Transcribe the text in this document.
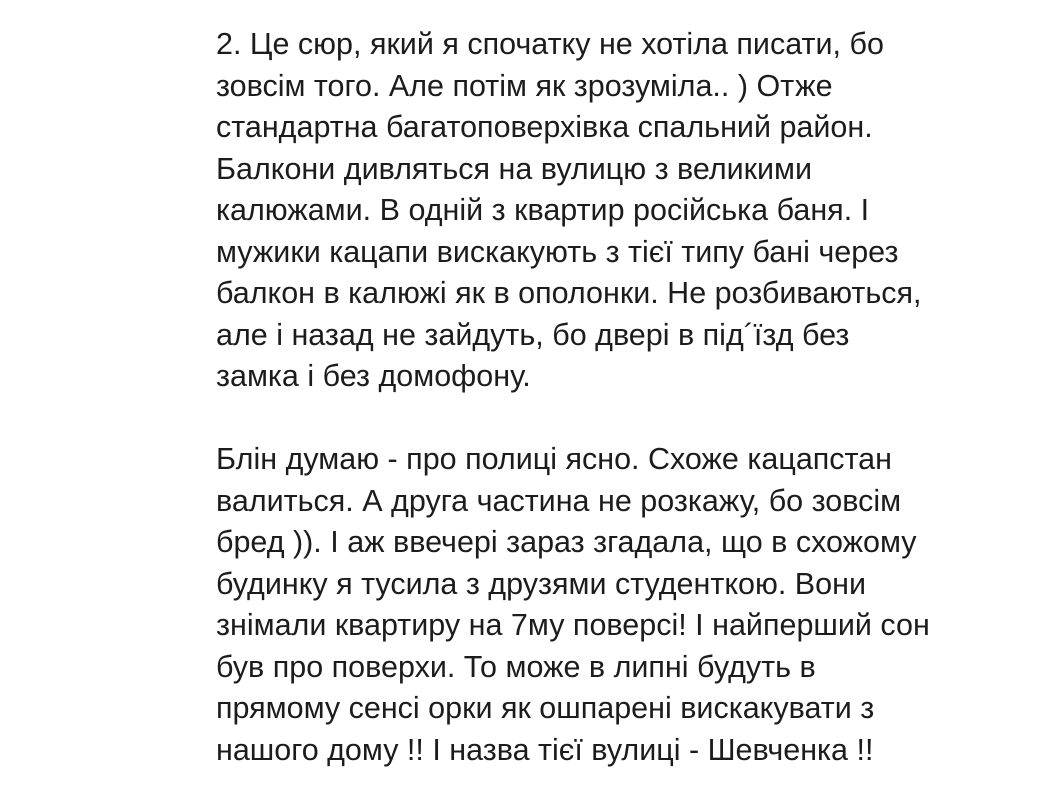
2. Це сюр, який я спочатку не хотіла писати, бо
зовсім того. Але потім як зрозуміла.. ) Отже
стандартна багатоповерхівка спальний район.
Балкони дивляться на вулицю з великими
калюжами. В одній з квартир російська баня. І
мужики кацапи вискакують з тієї типу бані через
балкон в калюжі як в ополонки. Не розбиваються,
але і назад не зайдуть, бо двері в під´їзд без
замка і без домофону.
Блін думаю - про полиці ясно. Схоже кацапстан
валиться. А друга частина не розкажу, бо зовсім
бред )). І аж ввечері зараз згадала, що в схожому
будинку я тусила з друзями студенткою. Вони
знімали квартиру на 7му поверсі! І найперший сон
був про поверхи. То може в липні будуть в
прямому сенсі орки як ошпарені вискакувати з
нашого дому !! І назва тієї вулиці - Шевченка !!
